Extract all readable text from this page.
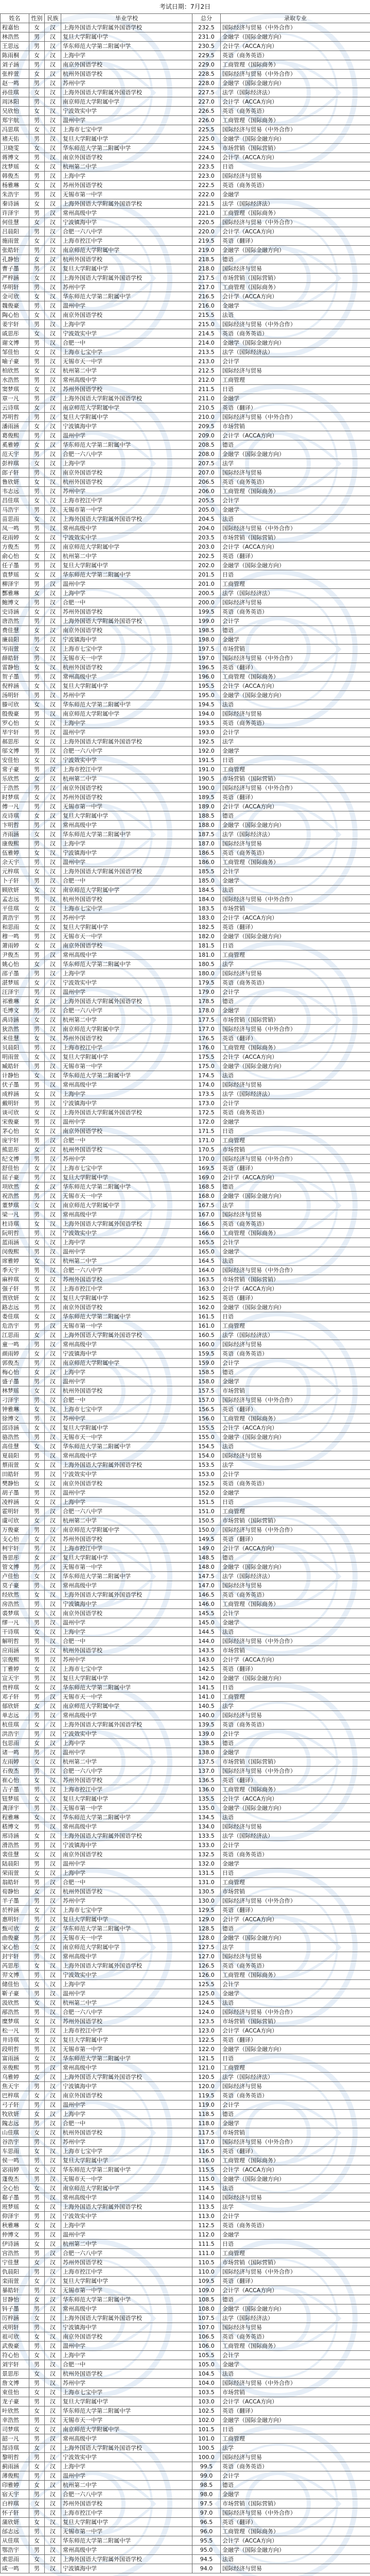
考试日期：7月2日
姓名	性别	民族	毕业学校	总分	录取专业
程嘉怡	女	汉	上海外国语大学附属外国语学校	232.5	国际经济与贸易（中外合作）
林浩然	男	汉	复旦大学附属中学	231.0	金融学（国际金融方向）
王思远	男	汉	华东师范大学第二附属中学	230.5	会计学（ACCA方向）
陈雨桐	女	汉	上海中学	229.5	英语（商务英语）
刘子涵	男	汉	南京外国语学校	229.0	工商管理（国际商务）
张梓萱	女	汉	杭州外国语学校	228.5	国际经济与贸易（中外合作）
赵一鸣	男	汉	苏州中学	228.0	金融学（国际金融方向）
孙佳琪	女	汉	上海外国语大学附属外国语学校	227.5	法学（国际经济法）
周沐阳	男	汉	南京师范大学附属中学	227.0	会计学（ACCA方向）
吴欣怡	女	汉	宁波效实中学	226.5	英语（商务英语）
郑宇航	男	汉	温州中学	226.0	工商管理（国际商务）
冯思琪	女	汉	上海市七宝中学	225.5	国际经济与贸易（中外合作）
褚天佑	男	汉	复旦大学附属中学	225.0	金融学（国际金融方向）
卫晓雯	女	汉	华东师范大学第二附属中学	224.5	市场营销（国际营销）
蒋博文	男	汉	南京外国语学校	224.0	会计学（ACCA方向）
沈梦瑶	女	汉	杭州第二中学	223.5	日语
韩俊杰	男	汉	上海中学	223.0	国际经济与贸易
杨雅琳	女	汉	苏州外国语学校	222.5	英语（商务英语）
朱浩宇	男	汉	无锡市第一中学	222.0	金融学
秦诗涵	女	汉	上海外国语大学附属外国语学校	221.5	法学（国际经济法）
许泽宇	男	汉	常州高级中学	221.0	工商管理（国际商务）
何佳慧	女	汉	宁波镇海中学	220.5	国际经济与贸易（中外合作）
吕晨阳	男	汉	合肥一六八中学	220.0	会计学（ACCA方向）
施雨萱	女	汉	上海市控江中学	219.5	英语（翻译）
张皓轩	男	汉	南京师范大学附属中学	219.0	金融学（国际金融方向）
孔静怡	女	汉	杭州外国语学校	218.5	德语
曹子墨	男	汉	复旦大学附属中学	218.0	国际经济与贸易
严梓涵	女	汉	上海外国语大学附属外国语学校	217.5	市场营销（国际营销）
华明轩	男	汉	苏州中学	217.0	工商管理（国际商务）
金可欣	女	汉	华东师范大学第二附属中学	216.5	会计学（ACCA方向）
魏俊豪	男	汉	温州中学	216.0	金融学
陶心怡	女	汉	南京外国语学校	215.5	法语
姜宇轩	男	汉	上海中学	215.0	国际经济与贸易（中外合作）
戚思彤	女	汉	宁波效实中学	214.5	英语（商务英语）
谢文博	男	汉	合肥一中	214.0	金融学（国际金融方向）
邹佳怡	女	汉	上海市七宝中学	213.5	法学（国际经济法）
喻子豪	男	汉	无锡市天一中学	213.0	会计学
柏欣然	女	汉	杭州第二中学	212.5	国际经济与贸易
水浩然	男	汉	常州高级中学	212.0	工商管理
窦梦琪	女	汉	苏州外国语学校	211.5	日语
章一凡	男	汉	上海外国语大学附属外国语学校	211.0	金融学
云诗琪	女	汉	南京师范大学附属中学	210.5	英语（翻译）
苏明哲	男	汉	复旦大学附属中学	210.0	国际经济与贸易（中外合作）
潘雨涵	女	汉	宁波镇海中学	209.5	市场营销
葛俊熙	男	汉	温州中学	209.0	会计学（ACCA方向）
奚雅婷	女	汉	华东师范大学第二附属中学	208.5	德语
范天宇	男	汉	合肥一六八中学	208.0	金融学（国际金融方向）
彭梓琪	女	汉	上海中学	207.5	法学
郎子轩	男	汉	南京外国语学校	207.0	国际经济与贸易
鲁欣妍	女	汉	杭州外国语学校	206.5	英语（商务英语）
韦志远	男	汉	苏州中学	206.0	工商管理（国际商务）
昌佳琪	女	汉	上海市控江中学	205.5	会计学
马浩宇	男	汉	无锡市第一中学	205.0	金融学
苗思雨	女	汉	上海外国语大学附属外国语学校	204.5	法语
凤一鸣	男	汉	常州高级中学	204.0	国际经济与贸易（中外合作）
花雨婷	女	汉	宁波效实中学	203.5	市场营销（国际营销）
方俊杰	男	汉	南京师范大学附属中学	203.0	会计学（ACCA方向）
俞心怡	女	汉	杭州第二中学	202.5	英语（翻译）
任子墨	男	汉	复旦大学附属中学	202.0	金融学（国际金融方向）
袁梦瑶	女	汉	华东师范大学第二附属中学	201.5	日语
柳泽宇	男	汉	温州中学	201.0	工商管理
酆雅琳	女	汉	上海中学	200.5	法学（国际经济法）
鲍博文	男	汉	合肥一中	200.0	国际经济与贸易
史诗涵	女	汉	苏州外国语学校	199.5	英语（商务英语）
唐浩然	男	汉	上海外国语大学附属外国语学校	199.0	会计学
费佳慧	女	汉	南京外国语学校	198.5	德语
廉晨阳	男	汉	宁波镇海中学	198.0	金融学
岑雨萱	女	汉	上海市七宝中学	197.5	市场营销
薛皓轩	男	汉	无锡市天一中学	197.0	国际经济与贸易（中外合作）
雷静怡	女	汉	杭州外国语学校	196.5	英语（翻译）
贺子墨	男	汉	常州高级中学	196.0	工商管理（国际商务）
倪梓涵	女	汉	复旦大学附属中学	195.5	会计学（ACCA方向）
汤明轩	男	汉	苏州中学	195.0	金融学（国际金融方向）
滕可欣	女	汉	华东师范大学第二附属中学	194.5	法语
殷俊豪	男	汉	南京师范大学附属中学	194.0	国际经济与贸易
罗心怡	女	汉	上海中学	193.5	英语（商务英语）
毕宇轩	男	汉	温州中学	193.0	会计学
郝思彤	女	汉	上海外国语大学附属外国语学校	192.5	法学
邬文博	男	汉	合肥一六八中学	192.0	金融学
安佳怡	女	汉	宁波效实中学	191.5	日语
常子豪	男	汉	上海市控江中学	191.0	工商管理
乐欣然	女	汉	杭州第二中学	190.5	市场营销（国际营销）
于浩然	男	汉	南京外国语学校	190.0	国际经济与贸易（中外合作）
时梦琪	女	汉	苏州外国语学校	189.5	英语（翻译）
傅一凡	男	汉	无锡市第一中学	189.0	会计学（ACCA方向）
皮诗琪	女	汉	复旦大学附属中学	188.5	德语
卞明哲	男	汉	常州高级中学	188.0	金融学（国际金融方向）
齐雨涵	女	汉	华东师范大学第二附属中学	187.5	法学（国际经济法）
康俊熙	男	汉	上海中学	187.0	国际经济与贸易
伍雅婷	女	汉	宁波镇海中学	186.5	英语（商务英语）
余天宇	男	汉	温州中学	186.0	工商管理（国际商务）
元梓琪	女	汉	上海外国语大学附属外国语学校	185.5	会计学
卜子轩	男	汉	合肥一中	185.0	金融学
顾欣妍	女	汉	南京师范大学附属中学	184.5	法语
孟志远	男	汉	杭州外国语学校	184.0	国际经济与贸易（中外合作）
平佳琪	女	汉	上海市七宝中学	183.5	市场营销
黄浩宇	男	汉	苏州中学	183.0	会计学（ACCA方向）
和思雨	女	汉	复旦大学附属中学	182.5	英语（翻译）
穆一鸣	男	汉	无锡市天一中学	182.0	金融学（国际金融方向）
萧雨婷	女	汉	南京外国语学校	181.5	日语
尹俊杰	男	汉	常州高级中学	181.0	工商管理
姚心怡	女	汉	华东师范大学第二附属中学	180.5	法学
邵子墨	男	汉	上海中学	180.0	国际经济与贸易
湛梦瑶	女	汉	宁波效实中学	179.5	英语（商务英语）
汪泽宇	男	汉	温州中学	179.0	会计学
祁雅琳	女	汉	上海外国语大学附属外国语学校	178.5	德语
毛博文	男	汉	合肥一六八中学	178.0	金融学
禹诗涵	女	汉	杭州第二中学	177.5	市场营销（国际营销）
狄浩然	男	汉	南京师范大学附属中学	177.0	国际经济与贸易（中外合作）
米佳慧	女	汉	苏州外国语学校	176.5	英语（翻译）
贝晨阳	男	汉	上海市控江中学	176.0	工商管理（国际商务）
明雨萱	女	汉	复旦大学附属中学	175.5	会计学（ACCA方向）
臧皓轩	男	汉	无锡市第一中学	175.0	金融学（国际金融方向）
计静怡	女	汉	华东师范大学第二附属中学	174.5	法语
伏子墨	男	汉	常州高级中学	174.0	国际经济与贸易
成梓涵	女	汉	上海中学	173.5	法学（国际经济法）
戴明轩	男	汉	宁波镇海中学	173.0	会计学
谈可欣	女	汉	上海外国语大学附属外国语学校	172.5	英语（商务英语）
宋俊豪	男	汉	温州中学	172.0	金融学
茅心怡	女	汉	南京外国语学校	171.5	日语
庞宇轩	男	汉	合肥一中	171.0	工商管理
熊思彤	女	汉	杭州外国语学校	170.5	市场营销
纪文博	男	汉	苏州中学	170.0	国际经济与贸易（中外合作）
舒佳怡	女	汉	上海市七宝中学	169.5	英语（翻译）
屈子豪	男	汉	复旦大学附属中学	169.0	会计学（ACCA方向）
项欣然	女	汉	华东师范大学第二附属中学	168.5	德语
祝浩然	男	汉	无锡市天一中学	168.0	金融学（国际金融方向）
董梦琪	女	汉	南京师范大学附属中学	167.5	法学
梁一凡	男	汉	常州高级中学	167.0	国际经济与贸易
杜诗琪	女	汉	上海外国语大学附属外国语学校	166.5	英语（商务英语）
阮明哲	男	汉	宁波效实中学	166.0	工商管理（国际商务）
蓝雨涵	女	汉	上海中学	165.5	会计学
闵俊熙	男	汉	温州中学	165.0	金融学
席雅婷	女	汉	杭州第二中学	164.5	法语
季天宇	男	汉	合肥一六八中学	164.0	国际经济与贸易（中外合作）
麻梓琪	女	汉	苏州外国语学校	163.5	市场营销（国际营销）
强子轩	男	汉	上海市控江中学	163.0	会计学（ACCA方向）
贾欣妍	女	汉	复旦大学附属中学	162.5	英语（翻译）
路志远	男	汉	南京外国语学校	162.0	金融学（国际金融方向）
娄佳琪	女	汉	华东师范大学第二附属中学	161.5	日语
危浩宇	男	汉	无锡市第一中学	161.0	工商管理
江思雨	女	汉	上海外国语大学附属外国语学校	160.5	法学（国际经济法）
童一鸣	男	汉	常州高级中学	160.0	国际经济与贸易
颜雨婷	女	汉	宁波镇海中学	159.5	英语（商务英语）
郭俊杰	男	汉	南京师范大学附属中学	159.0	会计学
梅心怡	女	汉	上海中学	158.5	德语
盛子墨	男	汉	温州中学	158.0	金融学
林梦瑶	女	汉	杭州外国语学校	157.5	市场营销
刁泽宇	男	汉	合肥一中	157.0	国际经济与贸易（中外合作）
钟雅琳	女	汉	上海市七宝中学	156.5	英语（翻译）
徐博文	男	汉	苏州中学	156.0	工商管理（国际商务）
邱诗涵	女	汉	复旦大学附属中学	155.5	会计学（ACCA方向）
骆浩然	男	汉	无锡市天一中学	155.0	金融学（国际金融方向）
高佳慧	女	汉	华东师范大学第二附属中学	154.5	法语
夏晨阳	男	汉	常州高级中学	154.0	国际经济与贸易
蔡雨萱	女	汉	上海外国语大学附属外国语学校	153.5	法学
田皓轩	男	汉	宁波效实中学	153.0	会计学
樊静怡	女	汉	南京外国语学校	152.5	英语（商务英语）
胡子墨	男	汉	温州中学	152.0	金融学
凌梓涵	女	汉	上海中学	151.5	日语
霍明轩	男	汉	合肥一六八中学	151.0	工商管理
虞可欣	女	汉	杭州第二中学	150.5	市场营销（国际营销）
万俊豪	男	汉	南京师范大学附属中学	150.0	国际经济与贸易（中外合作）
支心怡	女	汉	苏州外国语学校	149.5	英语（翻译）
柯宇轩	男	汉	上海市控江中学	149.0	会计学（ACCA方向）
昝思彤	女	汉	复旦大学附属中学	148.5	德语
管文博	男	汉	无锡市第一中学	148.0	金融学（国际金融方向）
卢佳怡	女	汉	华东师范大学第二附属中学	147.5	法学（国际经济法）
莫子豪	男	汉	常州高级中学	147.0	国际经济与贸易
经欣然	女	汉	上海外国语大学附属外国语学校	146.5	英语（商务英语）
房浩然	男	汉	宁波镇海中学	146.0	工商管理（国际商务）
裘梦琪	女	汉	南京外国语学校	145.5	会计学
缪一凡	男	汉	温州中学	145.0	金融学
干诗琪	女	汉	上海中学	144.5	法语
解明哲	男	汉	合肥一中	144.0	国际经济与贸易（中外合作）
应雨涵	女	汉	杭州外国语学校	143.5	市场营销
宗俊熙	男	汉	苏州中学	143.0	会计学（ACCA方向）
丁雅婷	女	汉	上海市七宝中学	142.5	英语（翻译）
宣天宇	男	汉	复旦大学附属中学	142.0	金融学（国际金融方向）
贲梓琪	女	汉	华东师范大学第二附属中学	141.5	日语
邓子轩	男	汉	无锡市天一中学	141.0	工商管理
郁欣妍	女	汉	南京师范大学附属中学	140.5	法学
单志远	男	汉	常州高级中学	140.0	国际经济与贸易
杭佳琪	女	汉	上海外国语大学附属外国语学校	139.5	英语（商务英语）
洪浩宇	男	汉	宁波效实中学	139.0	会计学
包思雨	女	汉	上海中学	138.5	德语
诸一鸣	男	汉	温州中学	138.0	金融学
左雨婷	女	汉	杭州第二中学	137.5	市场营销（国际营销）
石俊杰	男	汉	合肥一六八中学	137.0	国际经济与贸易（中外合作）
崔心怡	女	汉	苏州外国语学校	136.5	英语（翻译）
吉子墨	男	汉	上海市控江中学	136.0	工商管理（国际商务）
钮梦瑶	女	汉	复旦大学附属中学	135.5	会计学（ACCA方向）
龚泽宇	男	汉	无锡市第一中学	135.0	金融学（国际金融方向）
程雅琳	女	汉	华东师范大学第二附属中学	134.5	法语
嵇博文	男	汉	常州高级中学	134.0	国际经济与贸易
邢诗涵	女	汉	上海外国语大学附属外国语学校	133.5	法学（国际经济法）
滑浩然	男	汉	宁波镇海中学	133.0	会计学
裴佳慧	女	汉	南京外国语学校	132.5	英语（商务英语）
陆晨阳	男	汉	温州中学	132.0	金融学
荣雨萱	女	汉	上海中学	131.5	日语
翁皓轩	男	汉	合肥一中	131.0	工商管理
荀静怡	女	汉	杭州外国语学校	130.5	市场营销
羊子墨	男	汉	苏州中学	130.0	国际经济与贸易（中外合作）
於梓涵	女	汉	上海市七宝中学	129.5	英语（翻译）
惠明轩	男	汉	复旦大学附属中学	129.0	会计学（ACCA方向）
甄可欣	女	汉	华东师范大学第二附属中学	128.5	德语
曲俊豪	男	汉	无锡市天一中学	128.0	金融学（国际金融方向）
家心怡	女	汉	南京师范大学附属中学	127.5	法学
封宇轩	男	汉	常州高级中学	127.0	国际经济与贸易
芮思彤	女	汉	上海外国语大学附属外国语学校	126.5	英语（商务英语）
羿文博	男	汉	宁波效实中学	126.0	工商管理（国际商务）
储佳怡	女	汉	上海中学	125.5	会计学
靳子豪	男	汉	温州中学	125.0	金融学
汲欣然	女	汉	杭州第二中学	124.5	法语
邴浩然	男	汉	合肥一六八中学	124.0	国际经济与贸易（中外合作）
糜梦琪	女	汉	苏州外国语学校	123.5	市场营销（国际营销）
松一凡	男	汉	上海市控江中学	123.0	会计学（ACCA方向）
井诗琪	女	汉	复旦大学附属中学	122.5	英语（翻译）
段明哲	男	汉	无锡市第一中学	122.0	金融学（国际金融方向）
富雨涵	女	汉	华东师范大学第二附属中学	121.5	日语
巫俊熙	男	汉	常州高级中学	121.0	工商管理
乌雅婷	女	汉	上海外国语大学附属外国语学校	120.5	法学（国际经济法）
焦天宇	男	汉	宁波镇海中学	120.0	国际经济与贸易
巴梓琪	女	汉	南京外国语学校	119.5	英语（商务英语）
弓子轩	男	汉	温州中学	119.0	会计学
牧欣妍	女	汉	上海中学	118.5	德语
隗志远	男	汉	合肥一中	118.0	金融学
山佳琪	女	汉	杭州外国语学校	117.5	市场营销
谷浩宇	男	汉	苏州中学	117.0	国际经济与贸易（中外合作）
车思雨	女	汉	上海市七宝中学	116.5	英语（翻译）
侯一鸣	男	汉	复旦大学附属中学	116.0	工商管理（国际商务）
宓雨婷	女	汉	华东师范大学第二附属中学	115.5	会计学（ACCA方向）
蓬俊杰	男	汉	无锡市天一中学	115.0	金融学（国际金融方向）
全心怡	女	汉	南京师范大学附属中学	114.5	法语
郗子墨	男	汉	常州高级中学	114.0	国际经济与贸易
班梦瑶	女	汉	上海外国语大学附属外国语学校	113.5	法学
仰泽宇	男	汉	宁波效实中学	113.0	会计学
秋雅琳	女	汉	上海中学	112.5	英语（商务英语）
仲博文	男	汉	温州中学	112.0	金融学
伊诗涵	女	汉	杭州第二中学	111.5	日语
宫浩然	男	汉	合肥一六八中学	111.0	工商管理
宁佳慧	女	汉	苏州外国语学校	110.5	市场营销（国际营销）
仇晨阳	男	汉	上海市控江中学	110.0	国际经济与贸易（中外合作）
栾雨萱	女	汉	复旦大学附属中学	109.5	英语（翻译）
暴皓轩	男	汉	无锡市第一中学	109.0	会计学（ACCA方向）
甘静怡	女	汉	华东师范大学第二附属中学	108.5	德语
钭子墨	男	汉	常州高级中学	108.0	金融学（国际金融方向）
厉梓涵	女	汉	上海外国语大学附属外国语学校	107.5	法学（国际经济法）
戎明轩	男	汉	宁波镇海中学	107.0	国际经济与贸易
祖可欣	女	汉	南京外国语学校	106.5	英语（商务英语）
武俊豪	男	汉	温州中学	106.0	工商管理（国际商务）
符心怡	女	汉	上海中学	105.5	会计学
刘宇轩	男	汉	合肥一中	105.0	金融学
景思彤	女	汉	杭州外国语学校	104.5	法语
詹文博	男	汉	苏州中学	104.0	国际经济与贸易（中外合作）
束佳怡	女	汉	上海市七宝中学	103.5	市场营销
龙子豪	男	汉	复旦大学附属中学	103.0	会计学（ACCA方向）
叶欣然	女	汉	华东师范大学第二附属中学	102.5	英语（翻译）
幸浩然	男	汉	无锡市天一中学	102.0	金融学（国际金融方向）
司梦琪	女	汉	南京师范大学附属中学	101.5	日语
韶一凡	男	汉	常州高级中学	101.0	工商管理
郜诗琪	女	汉	上海外国语大学附属外国语学校	100.5	法学
黎明哲	男	汉	宁波效实中学	100.0	国际经济与贸易
蓟雨涵	女	汉	上海中学	99.5	英语（商务英语）
薄俊熙	男	汉	温州中学	99.0	会计学
印雅婷	女	汉	杭州第二中学	98.5	德语
宿天宇	男	汉	合肥一六八中学	98.0	金融学
白梓琪	女	汉	苏州外国语学校	97.5	市场营销（国际营销）
怀子轩	男	汉	上海市控江中学	97.0	国际经济与贸易（中外合作）
蒲欣妍	女	汉	复旦大学附属中学	96.5	英语（翻译）
邰志远	男	汉	无锡市第一中学	96.0	工商管理（国际商务）
从佳琪	女	汉	华东师范大学第二附属中学	95.5	会计学（ACCA方向）
鄂浩宇	男	汉	常州高级中学	95.0	金融学（国际金融方向）
索思雨	女	汉	上海外国语大学附属外国语学校	94.5	法语
咸一鸣	男	汉	宁波镇海中学	94.0	国际经济与贸易
